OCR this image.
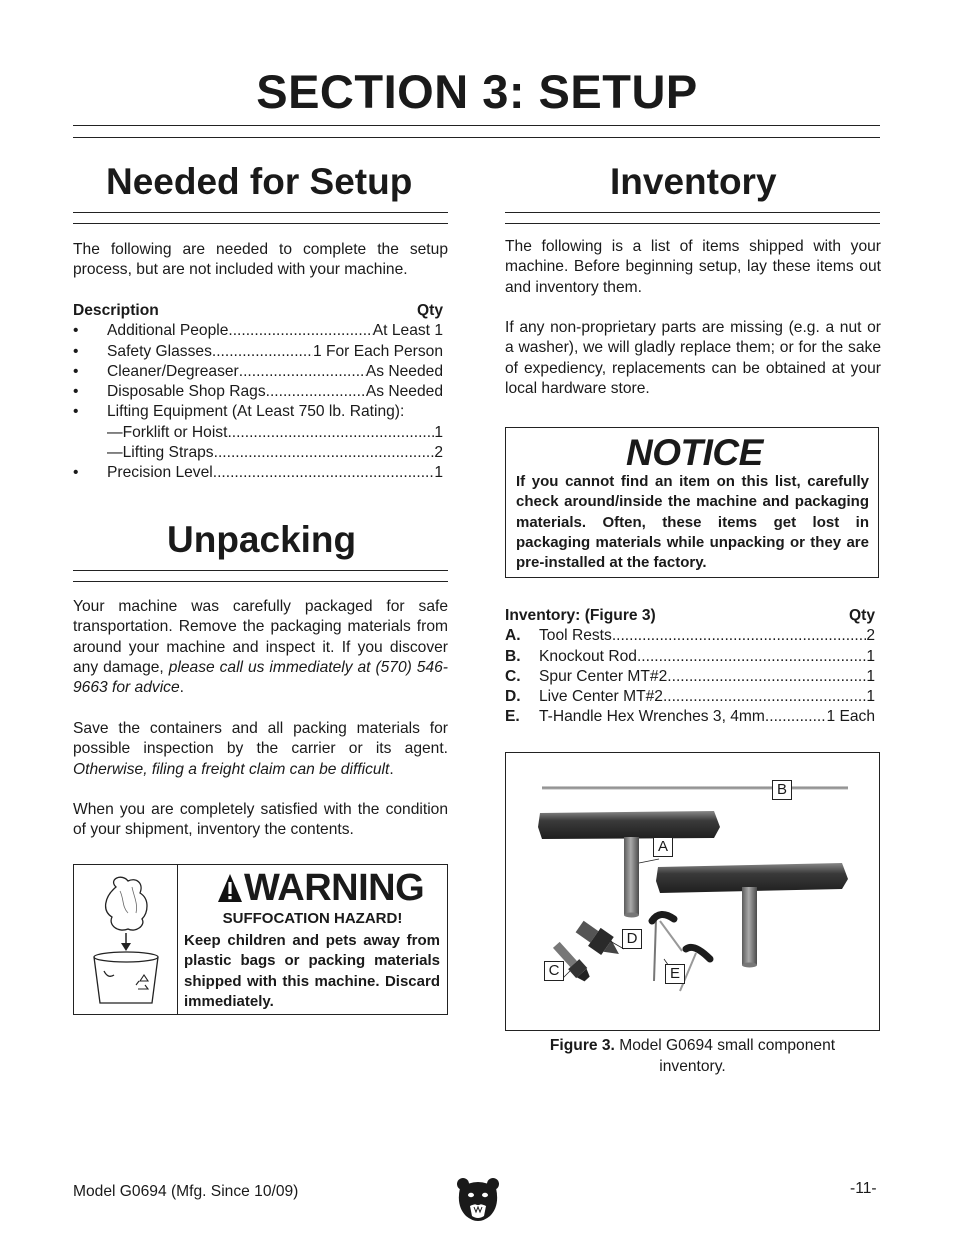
SECTION 3: SETUP
Needed for Setup

The following are needed to complete the setup process, but are not included with your machine.

Description	Qty
•	Additional People .....	At Least 1
•	Safety Glasses .....	1 For Each Person
•	Cleaner/Degreaser .....	As Needed
•	Disposable Shop Rags .....	As Needed
•	Lifting Equipment (At Least 750 lb. Rating):
—Forklift or Hoist .....	1
—Lifting Straps .....	2
•	Precision Level .....	1
Unpacking

Your machine was carefully packaged for safe transportation. Remove the packaging materials from around your machine and inspect it. If you discover any damage, please call us immediately at (570) 546-9663 for advice.

Save the containers and all packing materials for possible inspection by the carrier or its agent. Otherwise, filing a freight claim can be difficult.

When you are completely satisfied with the condition of your shipment, inventory the contents.

WARNING
SUFFOCATION HAZARD!
Keep children and pets away from plastic bags or packing materials shipped with this machine. Discard immediately.
Inventory

The following is a list of items shipped with your machine. Before beginning setup, lay these items out and inventory them.

If any non-proprietary parts are missing (e.g. a nut or a washer), we will gladly replace them; or for the sake of expediency, replacements can be obtained at your local hardware store.

NOTICE
If you cannot find an item on this list, carefully check around/inside the machine and packaging materials. Often, these items get lost in packaging materials while unpacking or they are pre-installed at the factory.
Inventory: (Figure 3)	Qty
A.	Tool Rests .....	2
B.	Knockout Rod .....	1
C.	Spur Center MT#2 .....	1
D.	Live Center MT#2 .....	1
E.	T-Handle Hex Wrenches 3, 4mm .....	1 Each
B
A
D
C	E
Figure 3. Model G0694 small component
inventory.
Model G0694 (Mfg. Since 10/09)	-11-
